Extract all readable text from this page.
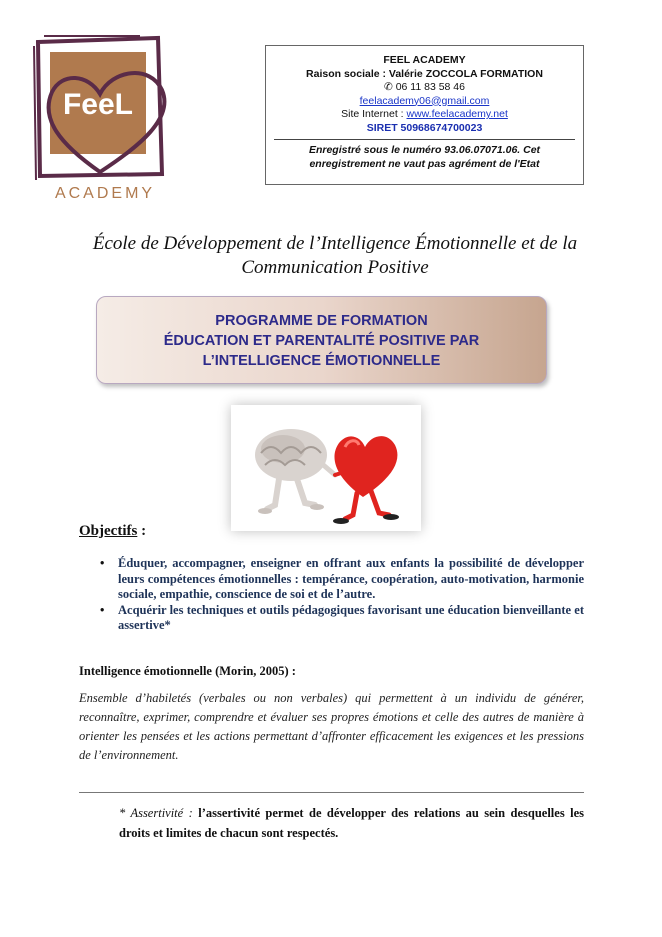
FeeL
ACADEMY
FEEL ACADEMY
Raison sociale : Valérie ZOCCOLA FORMATION
✆ 06 11 83 58 46
feelacademy06@gmail.com
Site Internet : www.feelacademy.net
SIRET 50968674700023
Enregistré sous le numéro 93.06.07071.06. Cet enregistrement ne vaut pas agrément de l'Etat
École de Développement de l’Intelligence Émotionnelle et de la Communication Positive
PROGRAMME DE FORMATION
ÉDUCATION ET PARENTALITÉ POSITIVE PAR
L’INTELLIGENCE ÉMOTIONNELLE
Objectifs :
• Éduquer, accompagner, enseigner en offrant aux enfants la possibilité de développer leurs compétences émotionnelles : tempérance, coopération, auto-motivation, harmonie sociale, empathie, conscience de soi et de l’autre.
• Acquérir les techniques et outils pédagogiques favorisant une éducation bienveillante et assertive*
Intelligence émotionnelle (Morin, 2005) :
Ensemble d’habiletés (verbales ou non verbales) qui permettent à un individu de générer, reconnaître, exprimer, comprendre et évaluer ses propres émotions et celle des autres de manière à orienter les pensées et les actions permettant d’affronter efficacement les exigences et les pressions de l’environnement.
* Assertivité : l’assertivité permet de développer des relations au sein desquelles les droits et limites de chacun sont respectés.
